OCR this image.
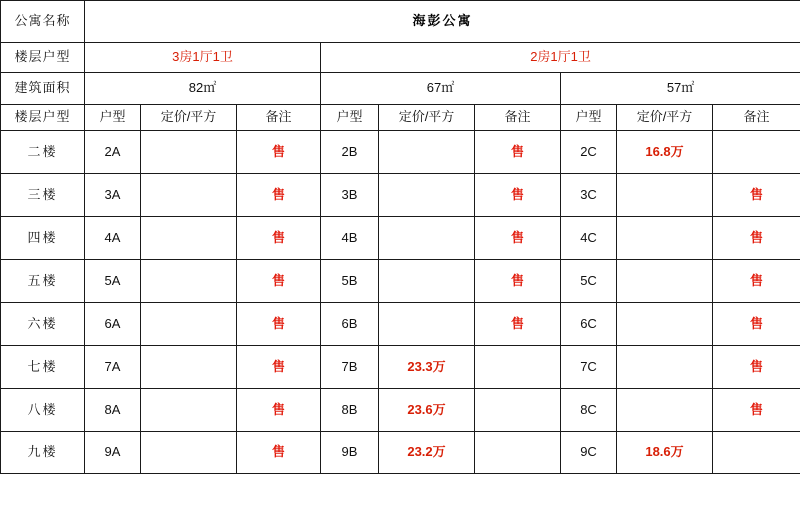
公寓名称	海彭公寓								
楼层户型	3房1厅1卫			2房1厅1卫					
建筑面积	82㎡			67㎡			57㎡		
楼层户型	户型	定价/平方	备注	户型	定价/平方	备注	户型	定价/平方	备注
二楼	2A		售	2B		售	2C	16.8万	
三楼	3A		售	3B		售	3C		售
四楼	4A		售	4B		售	4C		售
五楼	5A		售	5B		售	5C		售
六楼	6A		售	6B		售	6C		售
七楼	7A		售	7B	23.3万		7C		售
八楼	8A		售	8B	23.6万		8C		售
九楼	9A		售	9B	23.2万		9C	18.6万	
